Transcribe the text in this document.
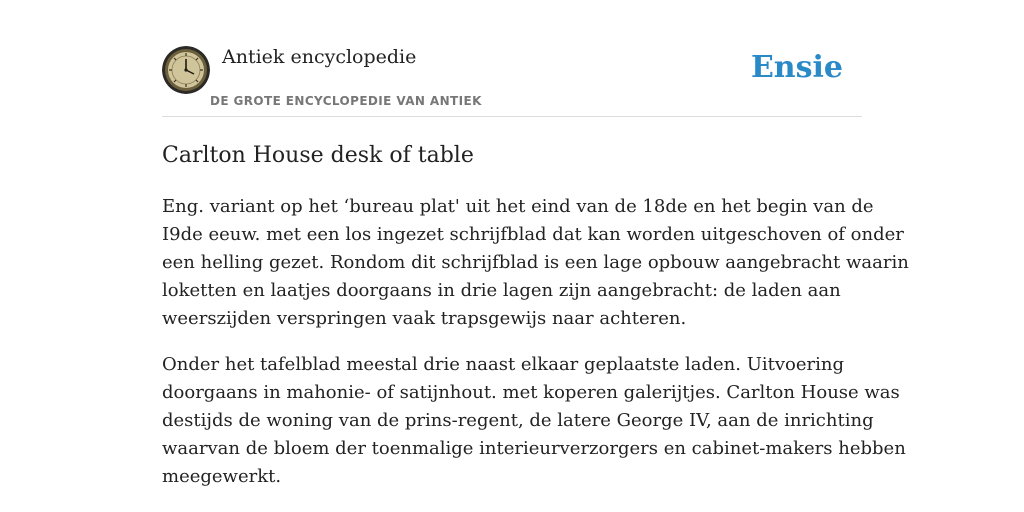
Antiek encyclopedie
DE GROTE ENCYCLOPEDIE VAN ANTIEK
Ensie
Carlton House desk of table

Eng. variant op het ‘bureau plat' uit het eind van de 18de en het begin van de
I9de eeuw. met een los ingezet schrijfblad dat kan worden uitgeschoven of onder
een helling gezet. Rondom dit schrijfblad is een lage opbouw aangebracht waarin
loketten en laatjes doorgaans in drie lagen zijn aangebracht: de laden aan
weerszijden verspringen vaak trapsgewijs naar achteren.

Onder het tafelblad meestal drie naast elkaar geplaatste laden. Uitvoering
doorgaans in mahonie- of satijnhout. met koperen galerijtjes. Carlton House was
destijds de woning van de prins-regent, de latere George IV, aan de inrichting
waarvan de bloem der toenmalige interieurverzorgers en cabinet-makers hebben
meegewerkt.
